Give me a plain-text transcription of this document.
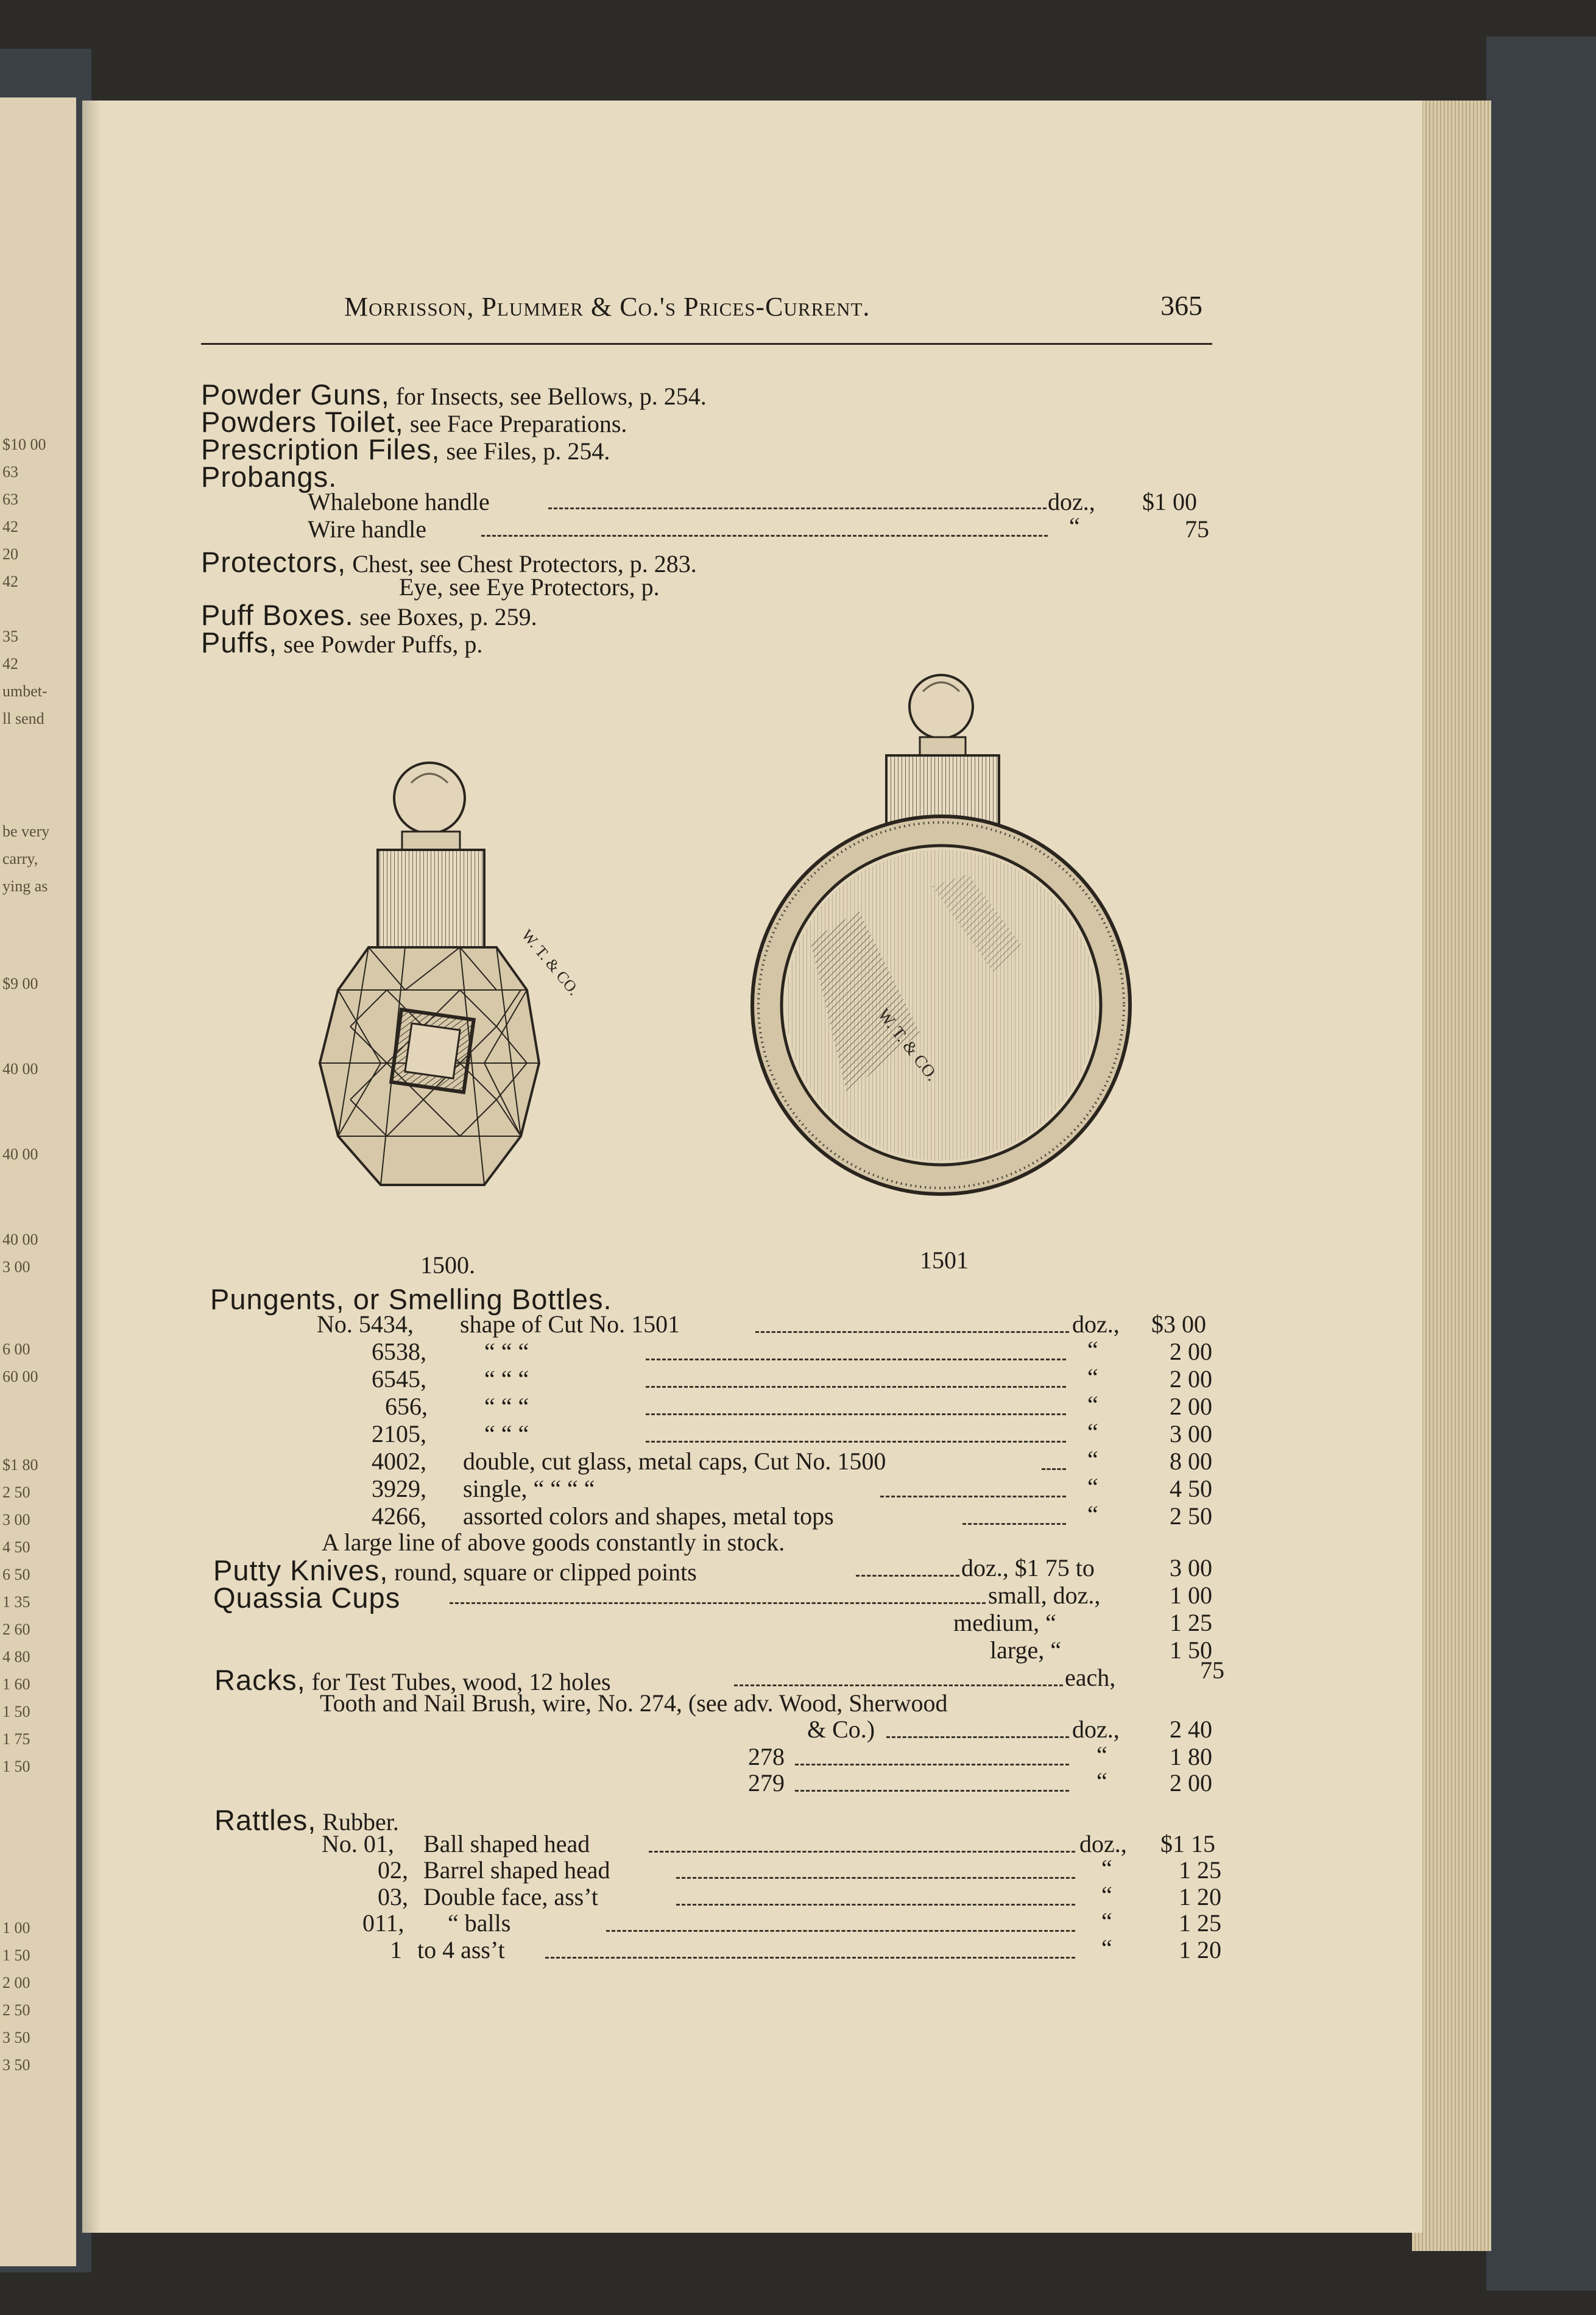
$10 00
63
63
42
20
42
35
42
umbet-
ll send
be very
carry,
ying as
$9 00
40 00
40 00
40 00
3 00
6 00
60 00
$1 80
2 50
3 00
4 50
6 50
1 35
2 60
4 80
1 60
1 50
1 75
1 50
1 00
1 50
2 00
2 50
3 50
3 50
Morrisson, Plummer & Co.'s Prices-Current.	365
Powder Guns, for Insects, see Bellows, p. 254.
Powders Toilet, see Face Preparations.
Prescription Files, see Files, p. 254.
Probangs.
Whalebone handle	doz., $1 00
Wire handle	“	75
Protectors, Chest, see Chest Protectors, p. 283.
Eye, see Eye Protectors, p.
Puff Boxes. see Boxes, p. 259.
Puffs, see Powder Puffs, p.
W. T. & CO.
1500.
W. T. & CO.
1501
Pungents, or Smelling Bottles.
No. 5434, shape of Cut No. 1501	doz., $3 00
6538, “ “ “	“	2 00
6545, “ “ “	“	2 00
656, “ “ “	“	2 00
2105, “ “ “	“	3 00
4002, double, cut glass, metal caps, Cut No. 1500	“	8 00
3929, single, “ “ “ “	“	4 50
4266, assorted colors and shapes, metal tops	“	2 50
A large line of above goods constantly in stock.
Putty Knives, round, square or clipped points	doz., $1 75 to	3 00
Quassia Cups	small, doz.,	1 00
medium, “	1 25
large, “	1 50
Racks, for Test Tubes, wood, 12 holes	each,	75
Tooth and Nail Brush, wire, No. 274, (see adv. Wood, Sherwood
& Co.)	doz., 2 40
278	“	1 80
279	“	2 00
Rattles, Rubber.
No. 01, Ball shaped head	doz., $1 15
02, Barrel shaped head	“	1 25
03, Double face, ass’t	“	1 20
011, “ balls	“	1 25
1 to 4 ass’t	“	1 20
